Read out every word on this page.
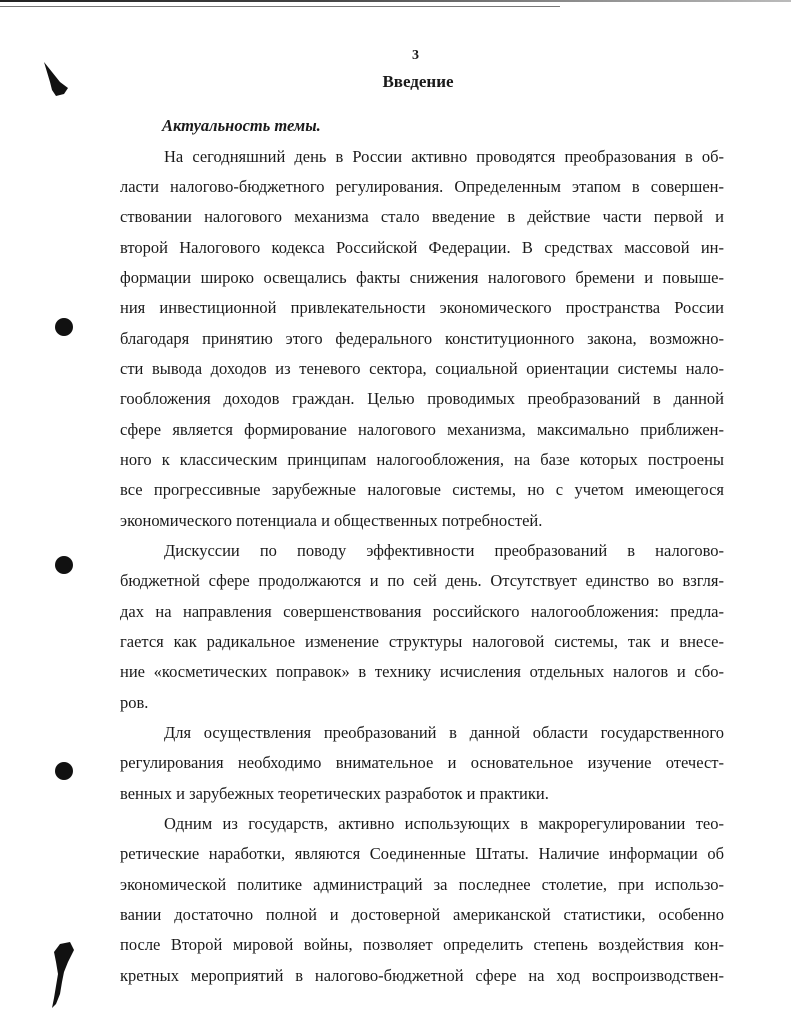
3
Введение
Актуальность темы.
На сегодняшний день в России активно проводятся преобразования в об-
ласти налогово-бюджетного регулирования. Определенным этапом в совершен-
ствовании налогового механизма стало введение в действие части первой и
второй Налогового кодекса Российской Федерации. В средствах массовой ин-
формации широко освещались факты снижения налогового бремени и повыше-
ния инвестиционной привлекательности экономического пространства России
благодаря принятию этого федерального конституционного закона, возможно-
сти вывода доходов из теневого сектора, социальной ориентации системы нало-
гообложения доходов граждан. Целью проводимых преобразований в данной
сфере является формирование налогового механизма, максимально приближен-
ного к классическим принципам налогообложения, на базе которых построены
все прогрессивные зарубежные налоговые системы, но с учетом имеющегося
экономического потенциала и общественных потребностей.
Дискуссии по поводу эффективности преобразований в налогово-
бюджетной сфере продолжаются и по сей день. Отсутствует единство во взгля-
дах на направления совершенствования российского налогообложения: предла-
гается как радикальное изменение структуры налоговой системы, так и внесе-
ние «косметических поправок» в технику исчисления отдельных налогов и сбо-
ров.
Для осуществления преобразований в данной области государственного
регулирования необходимо внимательное и основательное изучение отечест-
венных и зарубежных теоретических разработок и практики.
Одним из государств, активно использующих в макрорегулировании тео-
ретические наработки, являются Соединенные Штаты. Наличие информации об
экономической политике администраций за последнее столетие, при использо-
вании достаточно полной и достоверной американской статистики, особенно
после Второй мировой войны, позволяет определить степень воздействия кон-
кретных мероприятий в налогово-бюджетной сфере на ход воспроизводствен-
